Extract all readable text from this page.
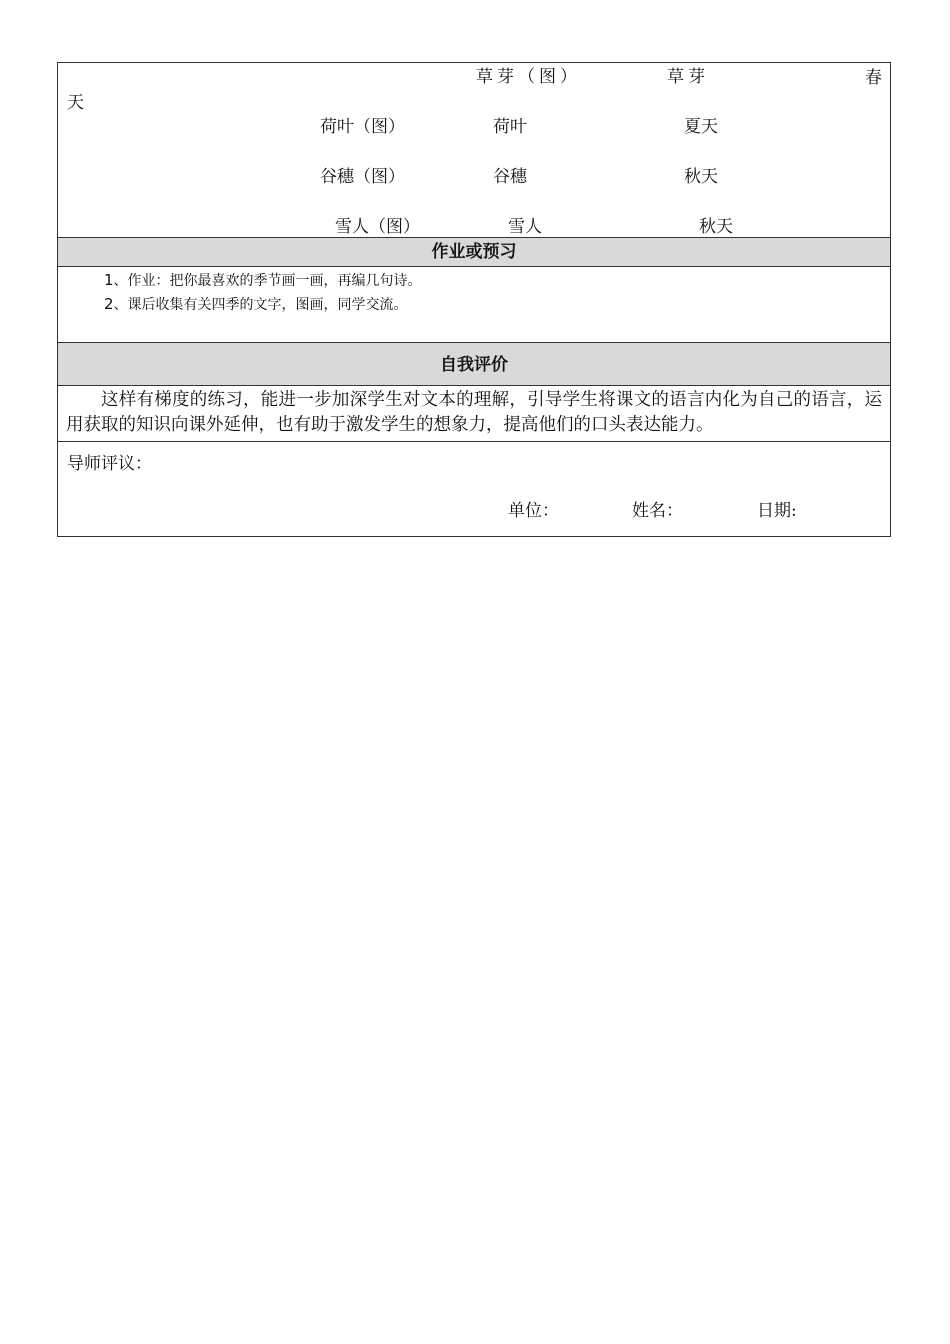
草芽（图）	草芽	春
天
荷叶（图）	荷叶	夏天
谷穗（图）	谷穗	秋天
雪人（图）	雪人	秋天
作业或预习
1、作业：把你最喜欢的季节画一画，再编几句诗。
2、课后收集有关四季的文字，图画，同学交流。
自我评价
这样有梯度的练习，能进一步加深学生对文本的理解，引导学生将课文的语言内化为自己的语言，运用获取的知识向课外延伸，也有助于激发学生的想象力，提高他们的口头表达能力。
导师评议：
单位：	姓名：	日期:
